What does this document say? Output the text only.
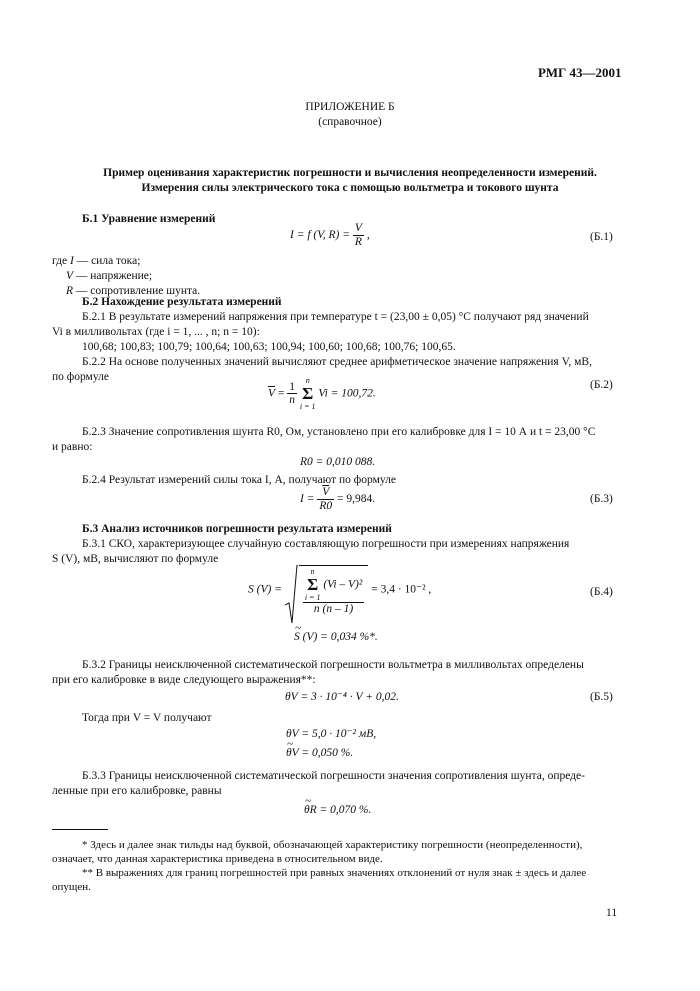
РМГ 43—2001
ПРИЛОЖЕНИЕ Б
(справочное)
Пример оценивания характеристик погрешности и вычисления неопределенности измерений.
Измерения силы электрического тока с помощью вольтметра и токового шунта
Б.1 Уравнение измерений
I = f (V, $R) = \frac{V}{R}$ ,	(Б.1)
где I — сила тока;
V — напряжение;
R — сопротивление шунта.
Б.2 Нахождение результата измерений
Б.2.1 В результате измерений напряжения при температуре t = (23,00 ± 0,05) °С получают ряд значений
Vi в милливольтах (где i = 1, ... , n; n = 10):
100,68; 100,83; 100,79; 100,64; 100,63; 100,94; 100,60; 100,68; 100,76; 100,65.
Б.2.2 На основе полученных значений вычисляют среднее арифметическое значение напряжения V, мВ,
по формуле
$\overline{V} = \frac{1}{n}$

n
Σ
i = 1
Vi = 100,72.
(Б.2)
Б.2.3 Значение сопротивления шунта R0, Ом, установлено при его калибровке для I = 10 А и t = 23,00 °С
и равно:
R0 = 0,010 088.
Б.2.4 Результат измерений силы тока I, А, получают по формуле
$I = \frac{\overline{V}}{R0} = 9,984$.	(Б.3)
Б.3 Анализ источников погрешности результата измерений
Б.3.1 СКО, характеризующее случайную составляющую погрешности при измерениях напряжения
S (V), мВ, вычисляют по формуле
S (V) =
n
Σ
i = 1
(Vi – V)²
n (n – 1)
= 3,4 · 10⁻² ,	(Б.4)
~ S (V) = 0,034 %*.
Б.3.2 Границы неисключенной систематической погрешности вольтметра в милливольтах определены
при его калибровке в виде следующего выражения**:
θV = 3 · 10⁻⁴ · V + 0,02.	(Б.5)
Тогда при V = V получают
θV = 5,0 · 10⁻² мВ,
~ θV = 0,050 %.
Б.3.3 Границы неисключенной систематической погрешности значения сопротивления шунта, опреде-
ленные при его калибровке, равны
~ θR = 0,070 %.
* Здесь и далее знак тильды над буквой, обозначающей характеристику погрешности (неопределенности),
означает, что данная характеристика приведена в относительном виде.
** В выражениях для границ погрешностей при равных значениях отклонений от нуля знак ± здесь и далее
опущен.
11
